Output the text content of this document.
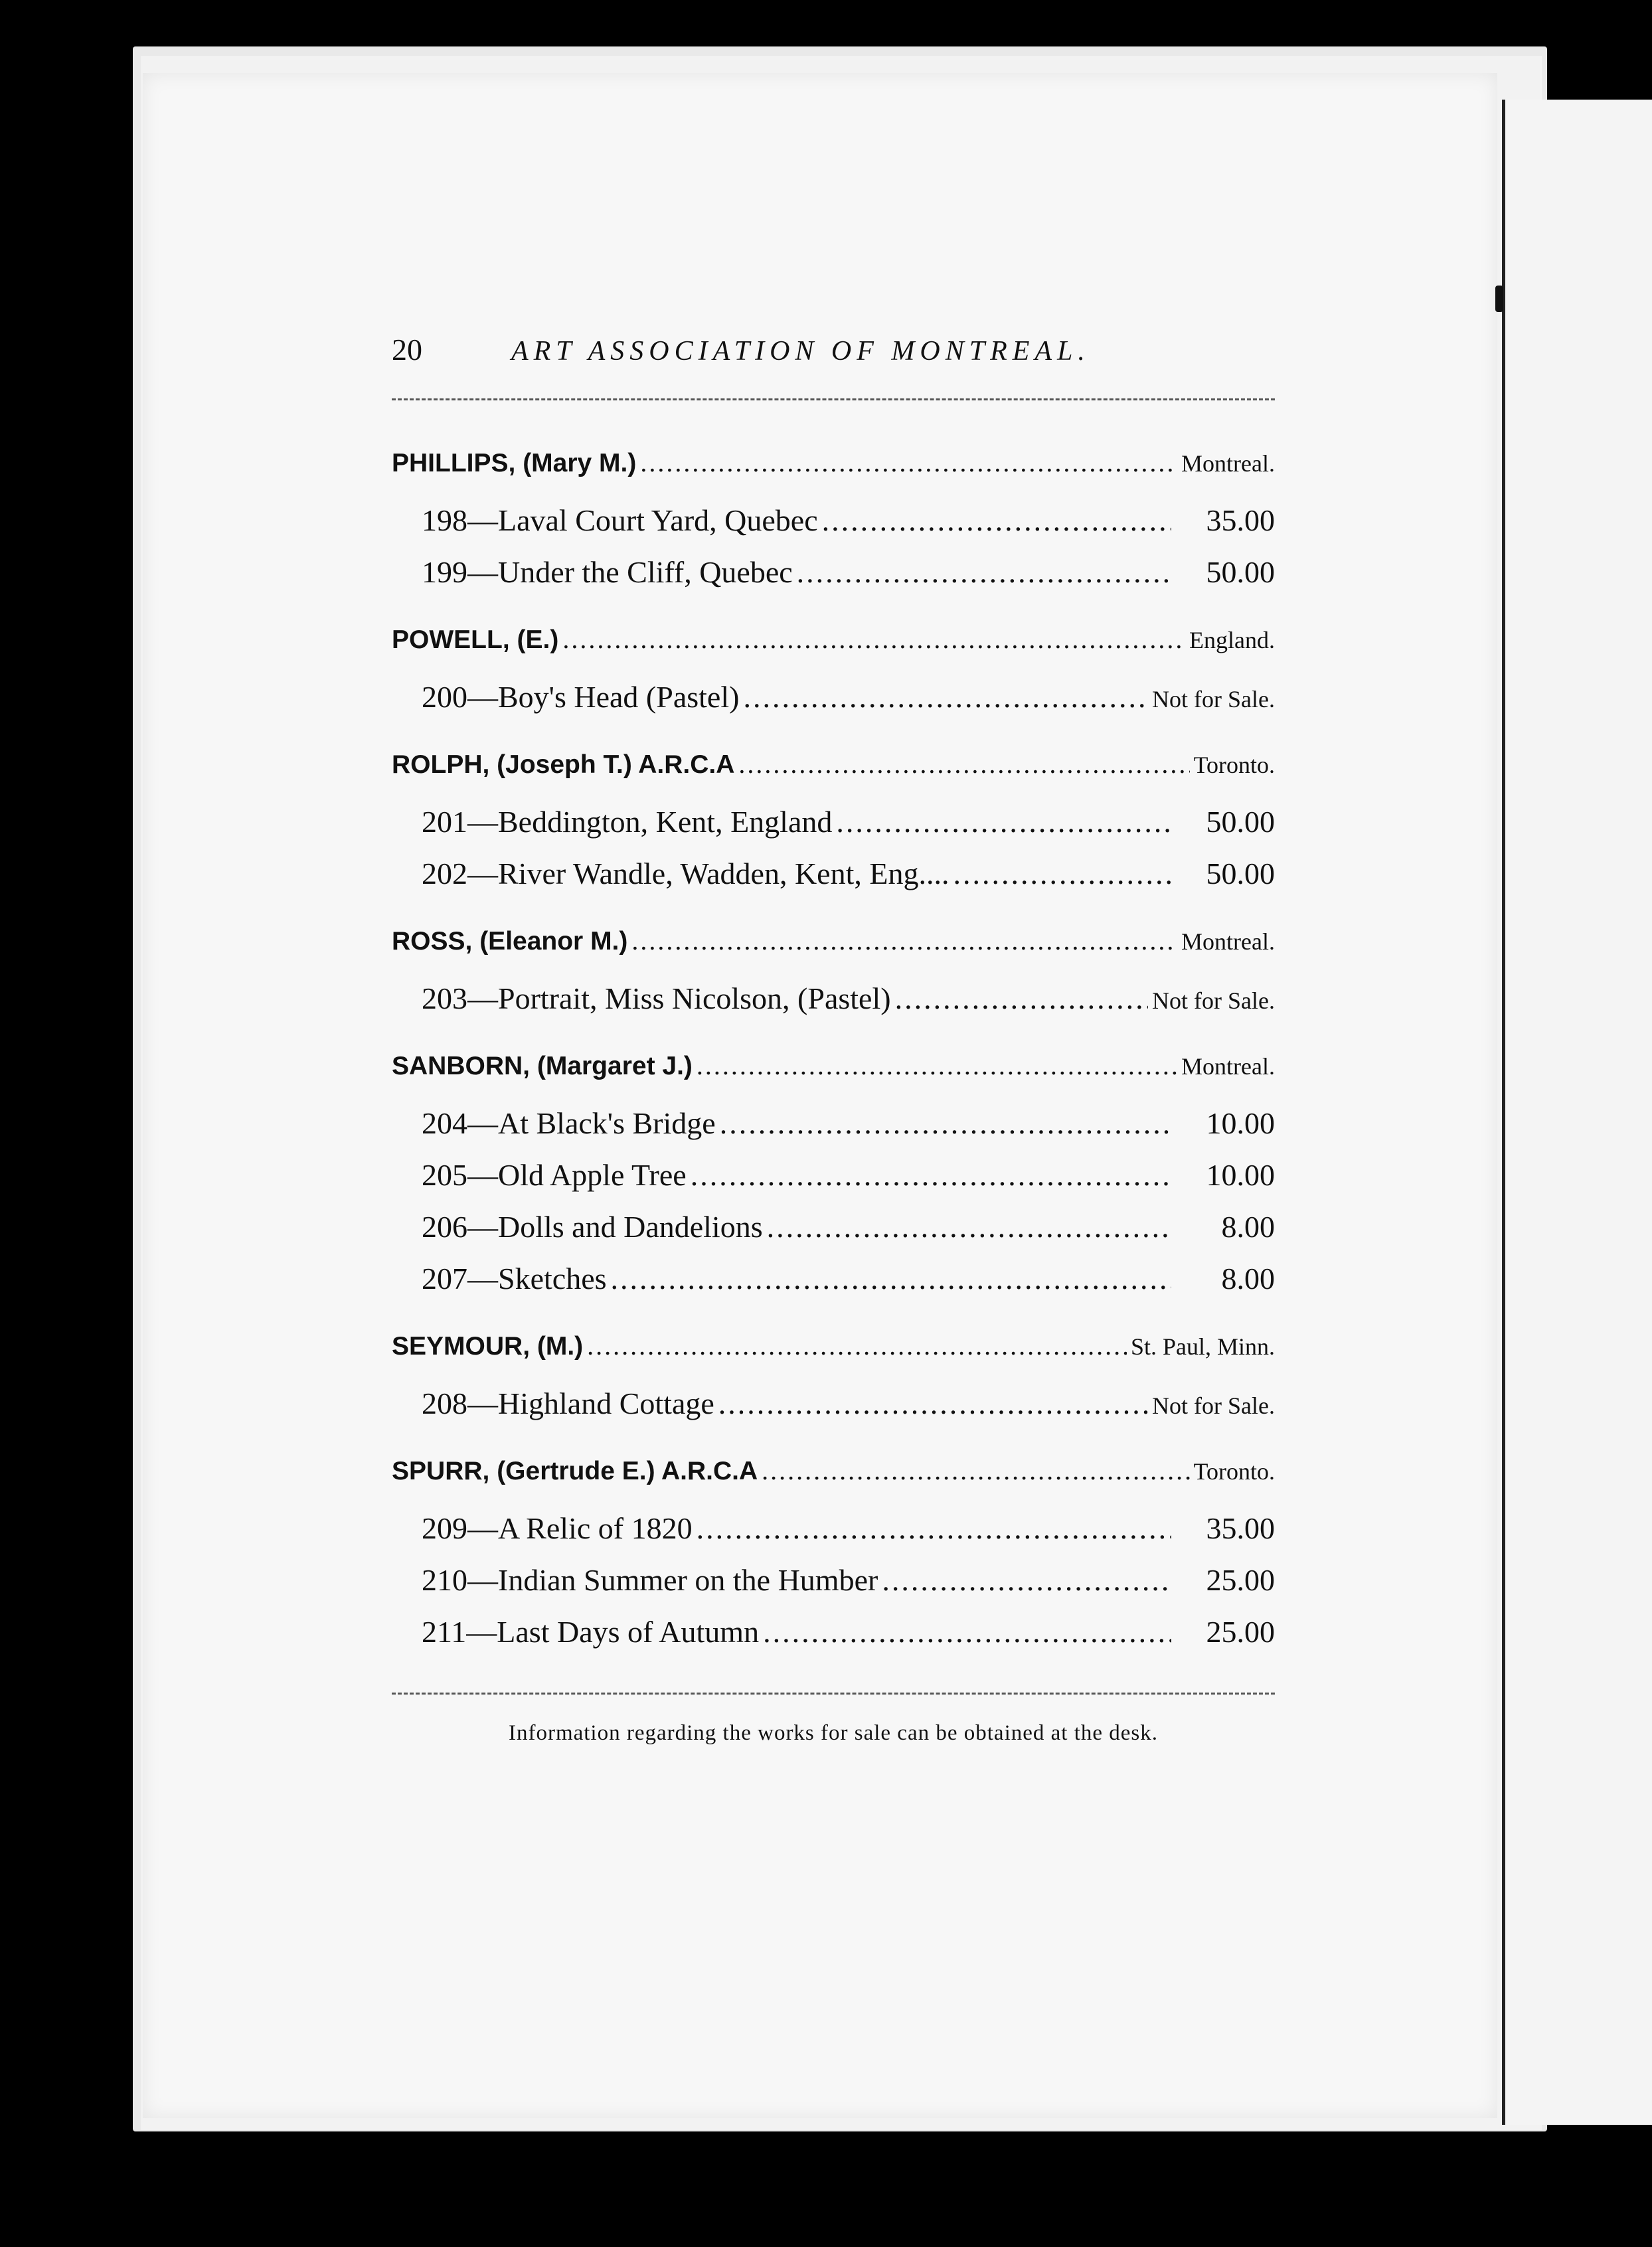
20	ART ASSOCIATION OF MONTREAL.
PHILLIPS, (Mary M.) .....	Montreal.
198—Laval Court Yard, Quebec .....	35.00
199—Under the Cliff, Quebec .....	50.00
POWELL, (E.) .....	England.
200—Boy's Head (Pastel) .....	Not for Sale.
ROLPH, (Joseph T.) A.R.C.A .....	Toronto.
201—Beddington, Kent, England .....	50.00
202—River Wandle, Wadden, Kent, Eng.... .....	50.00
ROSS, (Eleanor M.) .....	Montreal.
203—Portrait, Miss Nicolson, (Pastel) .....	Not for Sale.
SANBORN, (Margaret J.) .....	Montreal.
204—At Black's Bridge .....	10.00
205—Old Apple Tree .....	10.00
206—Dolls and Dandelions .....	8.00
207—Sketches .....	8.00
SEYMOUR, (M.) .....	St. Paul, Minn.
208—Highland Cottage .....	Not for Sale.
SPURR, (Gertrude E.) A.R.C.A .....	Toronto.
209—A Relic of 1820 .....	35.00
210—Indian Summer on the Humber .....	25.00
211—Last Days of Autumn .....	25.00
Information regarding the works for sale can be obtained at the desk.
